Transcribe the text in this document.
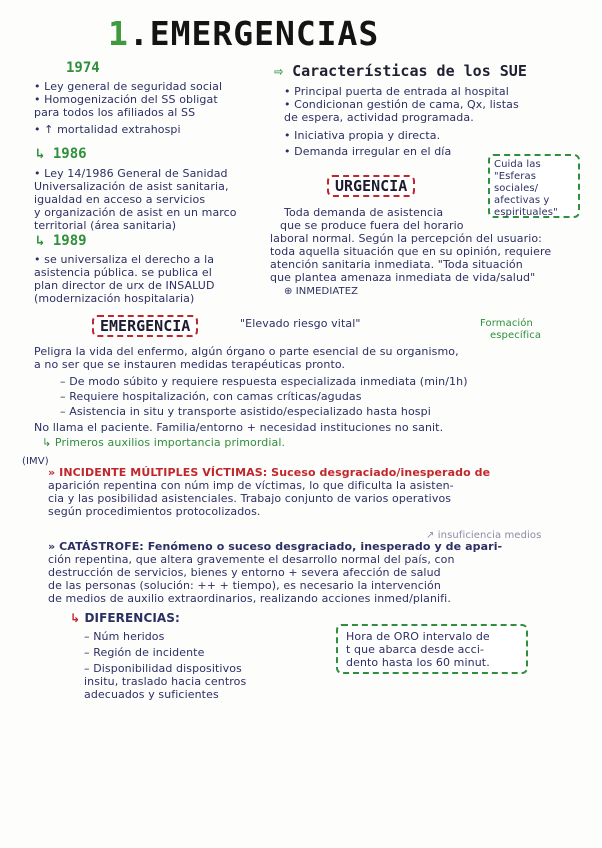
1.EMERGENCIAS
1974
• Ley general de seguridad social
• Homogenización del SS obligat
para todos los afiliados al SS
• ↑ mortalidad extrahospi
↳ 1986
• Ley 14/1986 General de Sanidad
Universalización de asist sanitaria,
igualdad en acceso a servicios
y organización de asist en un marco
territorial (área sanitaria)
↳ 1989
• se universaliza el derecho a la
asistencia pública. se publica el
plan director de urx de INSALUD
(modernización hospitalaria)
⇨ Características de los SUE
• Principal puerta de entrada al hospital
• Condicionan gestión de cama, Qx, listas
de espera, actividad programada.
• Iniciativa propia y directa.
• Demanda irregular en el día
Cuida las
"Esferas
sociales/
afectivas y
espirituales"
URGENCIA
Toda demanda de asistencia
que se produce fuera del horario
laboral normal. Según la percepción del usuario:
toda aquella situación que en su opinión, requiere
atención sanitaria inmediata. "Toda situación
que plantea amenaza inmediata de vida/salud"
⊕ INMEDIATEZ
EMERGENCIA	"Elevado riesgo vital"	Formación
específica
Peligra la vida del enfermo, algún órgano o parte esencial de su organismo,
a no ser que se instauren medidas terapéuticas pronto.
– De modo súbito y requiere respuesta especializada inmediata (min/1h)
– Requiere hospitalización, con camas críticas/agudas
– Asistencia in situ y transporte asistido/especializado hasta hospi
No llama el paciente. Familia/entorno + necesidad instituciones no sanit.
↳ Primeros auxilios importancia primordial.
(IMV)
» INCIDENTE MÚLTIPLES VÍCTIMAS: Suceso desgraciado/inesperado de
aparición repentina con núm imp de víctimas, lo que dificulta la asisten-
cia y las posibilidad asistenciales. Trabajo conjunto de varios operativos
según procedimientos protocolizados.
↗ insuficiencia medios
» CATÁSTROFE: Fenómeno o suceso desgraciado, inesperado y de apari-
ción repentina, que altera gravemente el desarrollo normal del país, con
destrucción de servicios, bienes y entorno + severa afección de salud
de las personas (solución: ++ + tiempo), es necesario la intervención
de medios de auxilio extraordinarios, realizando acciones inmed/planifi.
↳ DIFERENCIAS:
– Núm heridos
– Región de incidente
– Disponibilidad dispositivos
insitu, traslado hacia centros
adecuados y suficientes
Hora de ORO intervalo de
t que abarca desde acci-
dento hasta los 60 minut.
